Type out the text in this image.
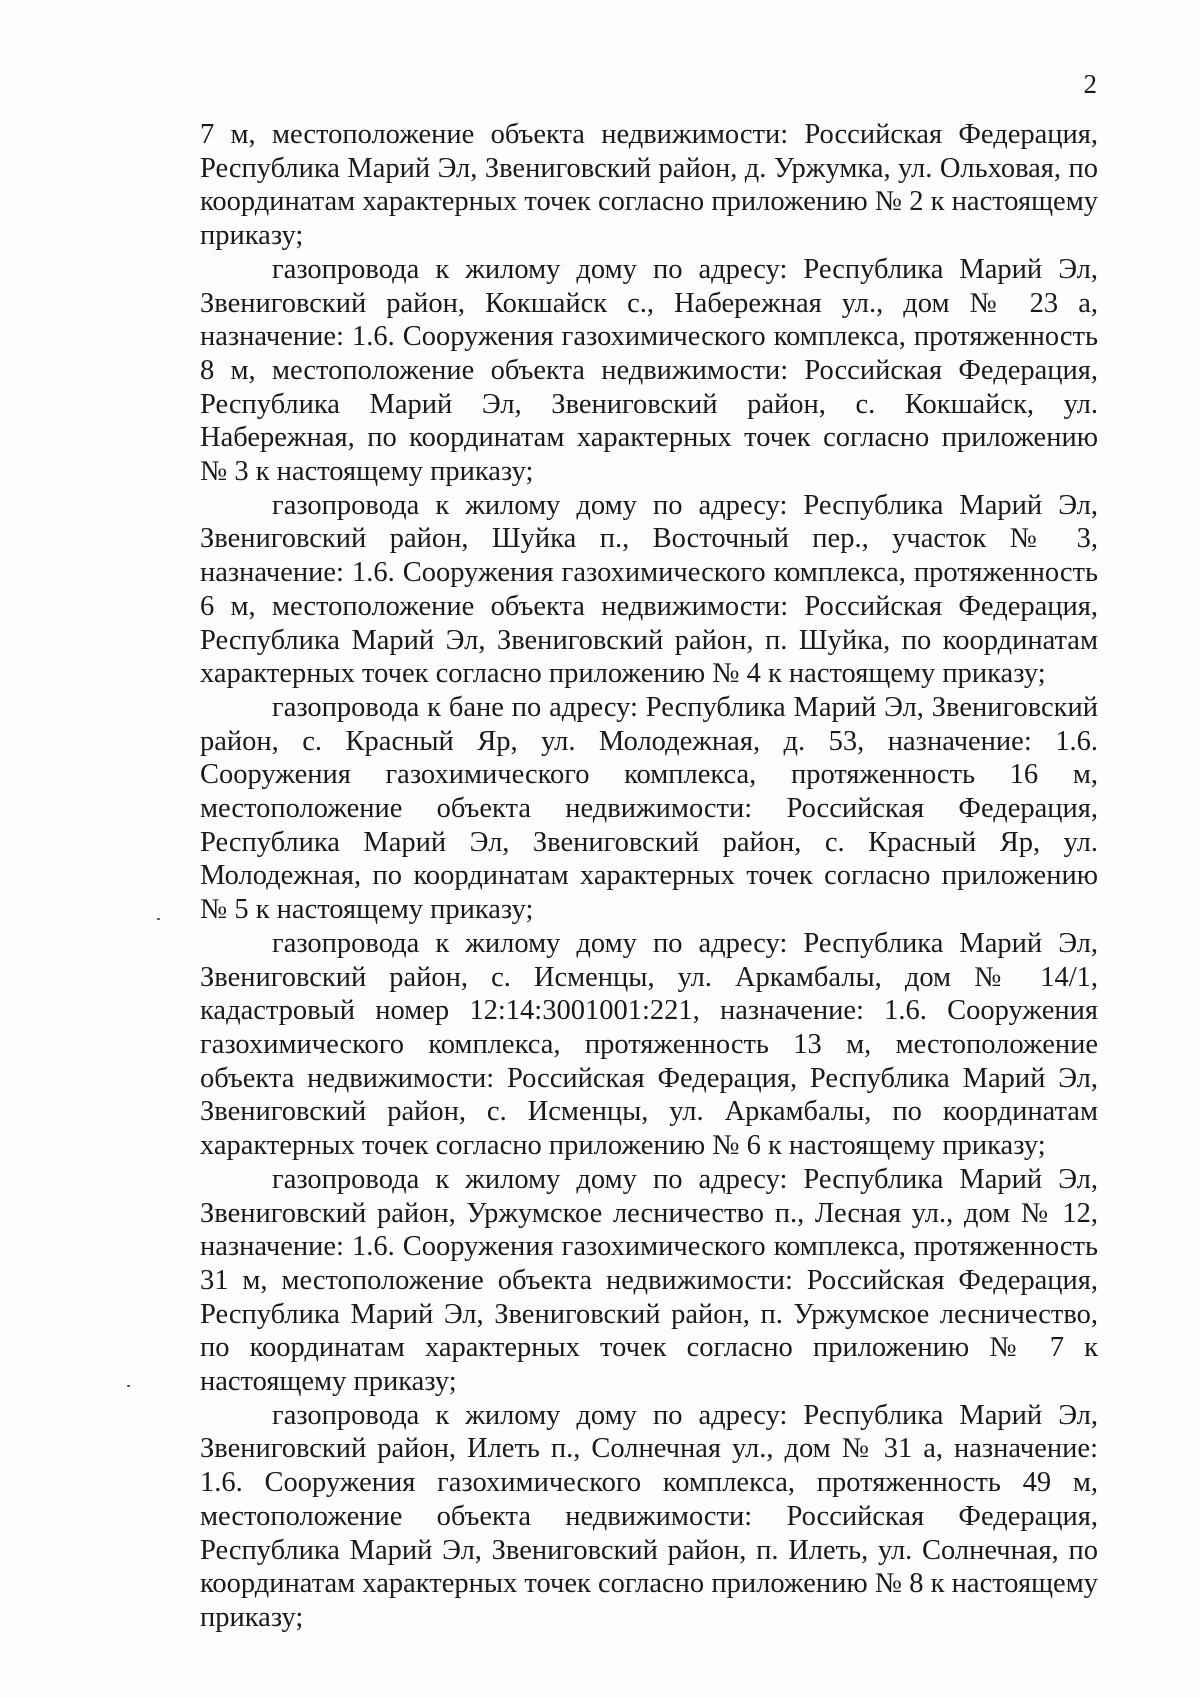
2

7 м, местоположение объекта недвижимости: Российская Федерация, Республика Марий Эл, Звениговский район, д. Уржумка, ул. Ольховая, по координатам характерных точек согласно приложению № 2 к настоящему приказу;

газопровода к жилому дому по адресу: Республика Марий Эл, Звениговский район, Кокшайск с., Набережная ул., дом № 23 а, назначение: 1.6. Сооружения газохимического комплекса, протяженность 8 м, местоположение объекта недвижимости: Российская Федерация, Республика Марий Эл, Звениговский район, с. Кокшайск, ул. Набережная, по координатам характерных точек согласно приложению № 3 к настоящему приказу;

газопровода к жилому дому по адресу: Республика Марий Эл, Звениговский район, Шуйка п., Восточный пер., участок № 3, назначение: 1.6. Сооружения газохимического комплекса, протяженность 6 м, местоположение объекта недвижимости: Российская Федерация, Республика Марий Эл, Звениговский район, п. Шуйка, по координатам характерных точек согласно приложению № 4 к настоящему приказу;

газопровода к бане по адресу: Республика Марий Эл, Звениговский район, с. Красный Яр, ул. Молодежная, д. 53, назначение: 1.6. Сооружения газохимического комплекса, протяженность 16 м, местоположение объекта недвижимости: Российская Федерация, Республика Марий Эл, Звениговский район, с. Красный Яр, ул. Молодежная, по координатам характерных точек согласно приложению № 5 к настоящему приказу;

газопровода к жилому дому по адресу: Республика Марий Эл, Звениговский район, с. Исменцы, ул. Аркамбалы, дом № 14/1, кадастровый номер 12:14:3001001:221, назначение: 1.6. Сооружения газохимического комплекса, протяженность 13 м, местоположение объекта недвижимости: Российская Федерация, Республика Марий Эл, Звениговский район, с. Исменцы, ул. Аркамбалы, по координатам характерных точек согласно приложению № 6 к настоящему приказу;

газопровода к жилому дому по адресу: Республика Марий Эл, Звениговский район, Уржумское лесничество п., Лесная ул., дом № 12, назначение: 1.6. Сооружения газохимического комплекса, протяженность 31 м, местоположение объекта недвижимости: Российская Федерация, Республика Марий Эл, Звениговский район, п. Уржумское лесничество, по координатам характерных точек согласно приложению № 7 к настоящему приказу;

газопровода к жилому дому по адресу: Республика Марий Эл, Звениговский район, Илеть п., Солнечная ул., дом № 31 а, назначение: 1.6. Сооружения газохимического комплекса, протяженность 49 м, местоположение объекта недвижимости: Российская Федерация, Республика Марий Эл, Звениговский район, п. Илеть, ул. Солнечная, по координатам характерных точек согласно приложению № 8 к настоящему приказу;
